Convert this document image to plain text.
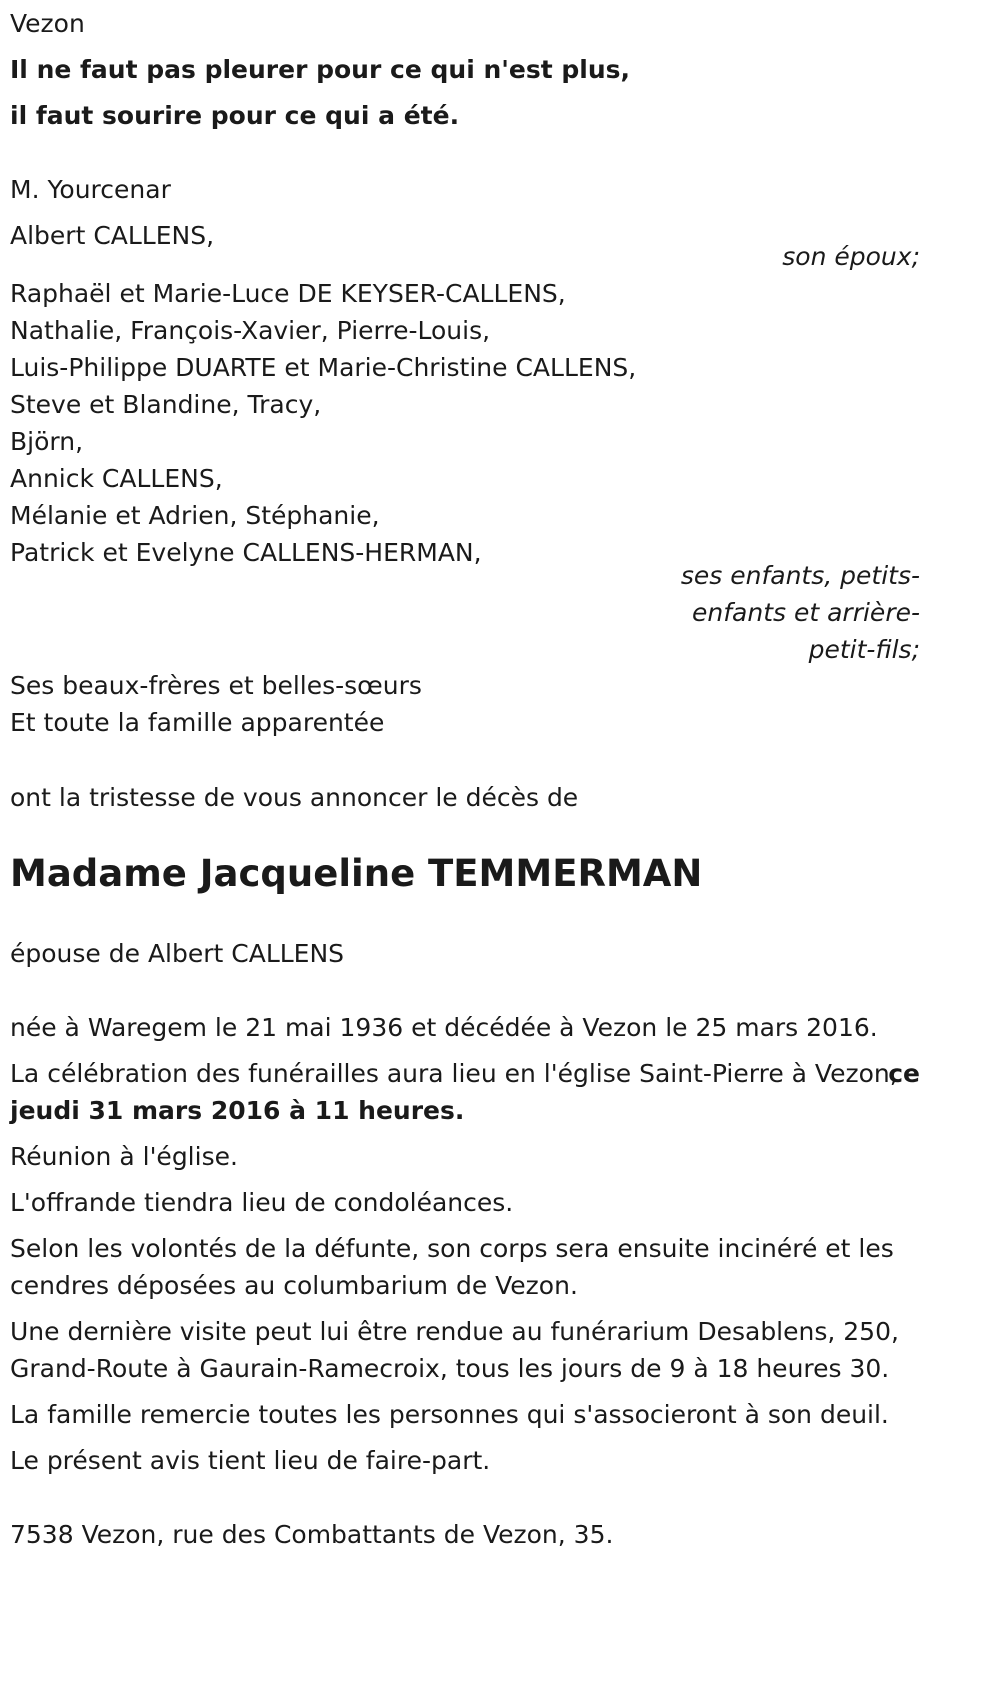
Vezon
Il ne faut pas pleurer pour ce qui n'est plus,
il faut sourire pour ce qui a été.
M. Yourcenar
Albert CALLENS,
son époux;
Raphaël et Marie-Luce DE KEYSER-CALLENS,
Nathalie, François-Xavier, Pierre-Louis,
Luis-Philippe DUARTE et Marie-Christine CALLENS,
Steve et Blandine, Tracy,
Björn,
Annick CALLENS,
Mélanie et Adrien, Stéphanie,
Patrick et Evelyne CALLENS-HERMAN,
ses enfants, petits-
enfants et arrière-
petit-fils;
Ses beaux-frères et belles-sœurs
Et toute la famille apparentée
ont la tristesse de vous annoncer le décès de
Madame Jacqueline TEMMERMAN
épouse de Albert CALLENS
née à Waregem le 21 mai 1936 et décédée à Vezon le 25 mars 2016.
La célébration des funérailles aura lieu en l'église Saint-Pierre à Vezon,
ce
jeudi 31 mars 2016 à 11 heures.
Réunion à l'église.
L'offrande tiendra lieu de condoléances.
Selon les volontés de la défunte, son corps sera ensuite incinéré et les
cendres déposées au columbarium de Vezon.
Une dernière visite peut lui être rendue au funérarium Desablens, 250,
Grand-Route à Gaurain-Ramecroix, tous les jours de 9 à 18 heures 30.
La famille remercie toutes les personnes qui s'associeront à son deuil.
Le présent avis tient lieu de faire-part.
7538 Vezon, rue des Combattants de Vezon, 35.
